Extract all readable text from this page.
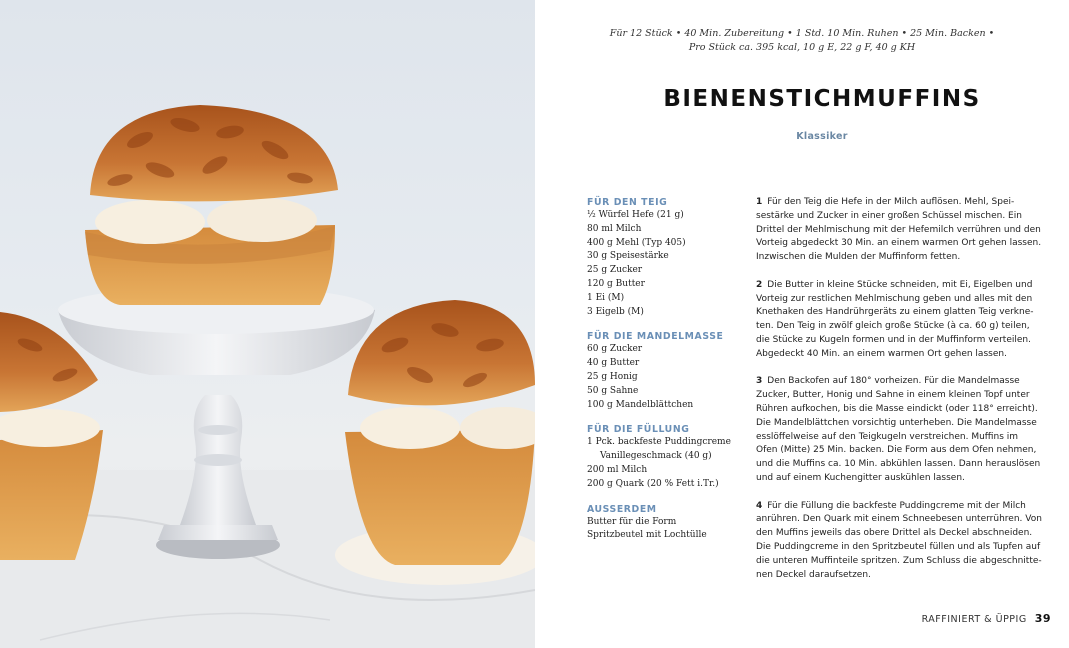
Für 12 Stück • 40 Min. Zubereitung • 1 Std. 10 Min. Ruhen • 25 Min. Backen •
Pro Stück ca. 395 kcal, 10 g E, 22 g F, 40 g KH
BIENENSTICHMUFFINS
Klassiker
FÜR DEN TEIG
½ Würfel Hefe (21 g)
80 ml Milch
400 g Mehl (Typ 405)
30 g Speisestärke
25 g Zucker
120 g Butter
1 Ei (M)
3 Eigelb (M)
FÜR DIE MANDELMASSE
60 g Zucker
40 g Butter
25 g Honig
50 g Sahne
100 g Mandelblättchen
FÜR DIE FÜLLUNG
1 Pck. backfeste Puddingcreme
Vanillegeschmack (40 g)
200 ml Milch
200 g Quark (20 % Fett i.Tr.)
AUSSERDEM
Butter für die Form
Spritzbeutel mit Lochtülle
1 Für den Teig die Hefe in der Milch auflösen. Mehl, Spei-
sestärke und Zucker in einer großen Schüssel mischen. Ein
Drittel der Mehlmischung mit der Hefemilch verrühren und den
Vorteig abgedeckt 30 Min. an einem warmen Ort gehen lassen.
Inzwischen die Mulden der Muffinform fetten.
2 Die Butter in kleine Stücke schneiden, mit Ei, Eigelben und
Vorteig zur restlichen Mehlmischung geben und alles mit den
Knethaken des Handrührgeräts zu einem glatten Teig verkne-
ten. Den Teig in zwölf gleich große Stücke (à ca. 60 g) teilen,
die Stücke zu Kugeln formen und in der Muffinform verteilen.
Abgedeckt 40 Min. an einem warmen Ort gehen lassen.
3 Den Backofen auf 180° vorheizen. Für die Mandelmasse
Zucker, Butter, Honig und Sahne in einem kleinen Topf unter
Rühren aufkochen, bis die Masse eindickt (oder 118° erreicht).
Die Mandelblättchen vorsichtig unterheben. Die Mandelmasse
esslöffelweise auf den Teigkugeln verstreichen. Muffins im
Ofen (Mitte) 25 Min. backen. Die Form aus dem Ofen nehmen,
und die Muffins ca. 10 Min. abkühlen lassen. Dann herauslösen
und auf einem Kuchengitter auskühlen lassen.
4 Für die Füllung die backfeste Puddingcreme mit der Milch
anrühren. Den Quark mit einem Schneebesen unterrühren. Von
den Muffins jeweils das obere Drittel als Deckel abschneiden.
Die Puddingcreme in den Spritzbeutel füllen und als Tupfen auf
die unteren Muffinteile spritzen. Zum Schluss die abgeschnitte-
nen Deckel daraufsetzen.
RAFFINIERT & ÜPPIG 39
